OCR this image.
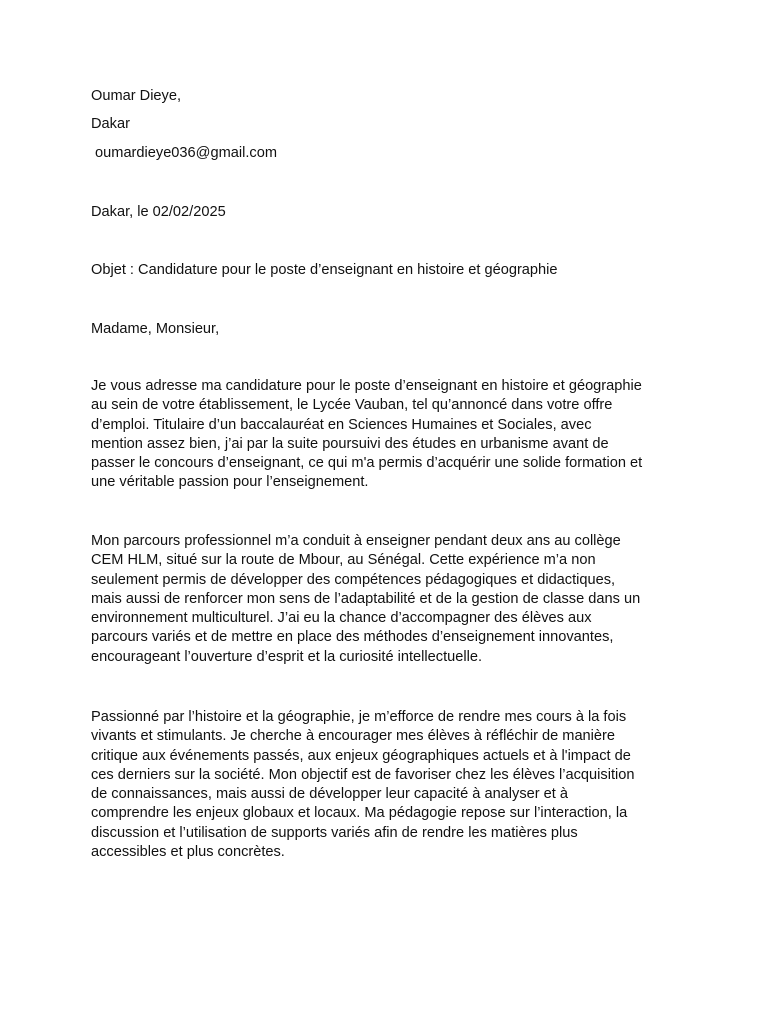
Oumar Dieye,
Dakar
oumardieye036@gmail.com
Dakar, le 02/02/2025
Objet : Candidature pour le poste d’enseignant en histoire et géographie
Madame, Monsieur,
Je vous adresse ma candidature pour le poste d’enseignant en histoire et géographie
au sein de votre établissement, le Lycée Vauban, tel qu’annoncé dans votre offre
d’emploi. Titulaire d’un baccalauréat en Sciences Humaines et Sociales, avec
mention assez bien, j’ai par la suite poursuivi des études en urbanisme avant de
passer le concours d’enseignant, ce qui m'a permis d’acquérir une solide formation et
une véritable passion pour l’enseignement.
Mon parcours professionnel m’a conduit à enseigner pendant deux ans au collège
CEM HLM, situé sur la route de Mbour, au Sénégal. Cette expérience m’a non
seulement permis de développer des compétences pédagogiques et didactiques,
mais aussi de renforcer mon sens de l’adaptabilité et de la gestion de classe dans un
environnement multiculturel. J’ai eu la chance d’accompagner des élèves aux
parcours variés et de mettre en place des méthodes d’enseignement innovantes,
encourageant l’ouverture d’esprit et la curiosité intellectuelle.
Passionné par l’histoire et la géographie, je m’efforce de rendre mes cours à la fois
vivants et stimulants. Je cherche à encourager mes élèves à réfléchir de manière
critique aux événements passés, aux enjeux géographiques actuels et à l'impact de
ces derniers sur la société. Mon objectif est de favoriser chez les élèves l’acquisition
de connaissances, mais aussi de développer leur capacité à analyser et à
comprendre les enjeux globaux et locaux. Ma pédagogie repose sur l’interaction, la
discussion et l’utilisation de supports variés afin de rendre les matières plus
accessibles et plus concrètes.
